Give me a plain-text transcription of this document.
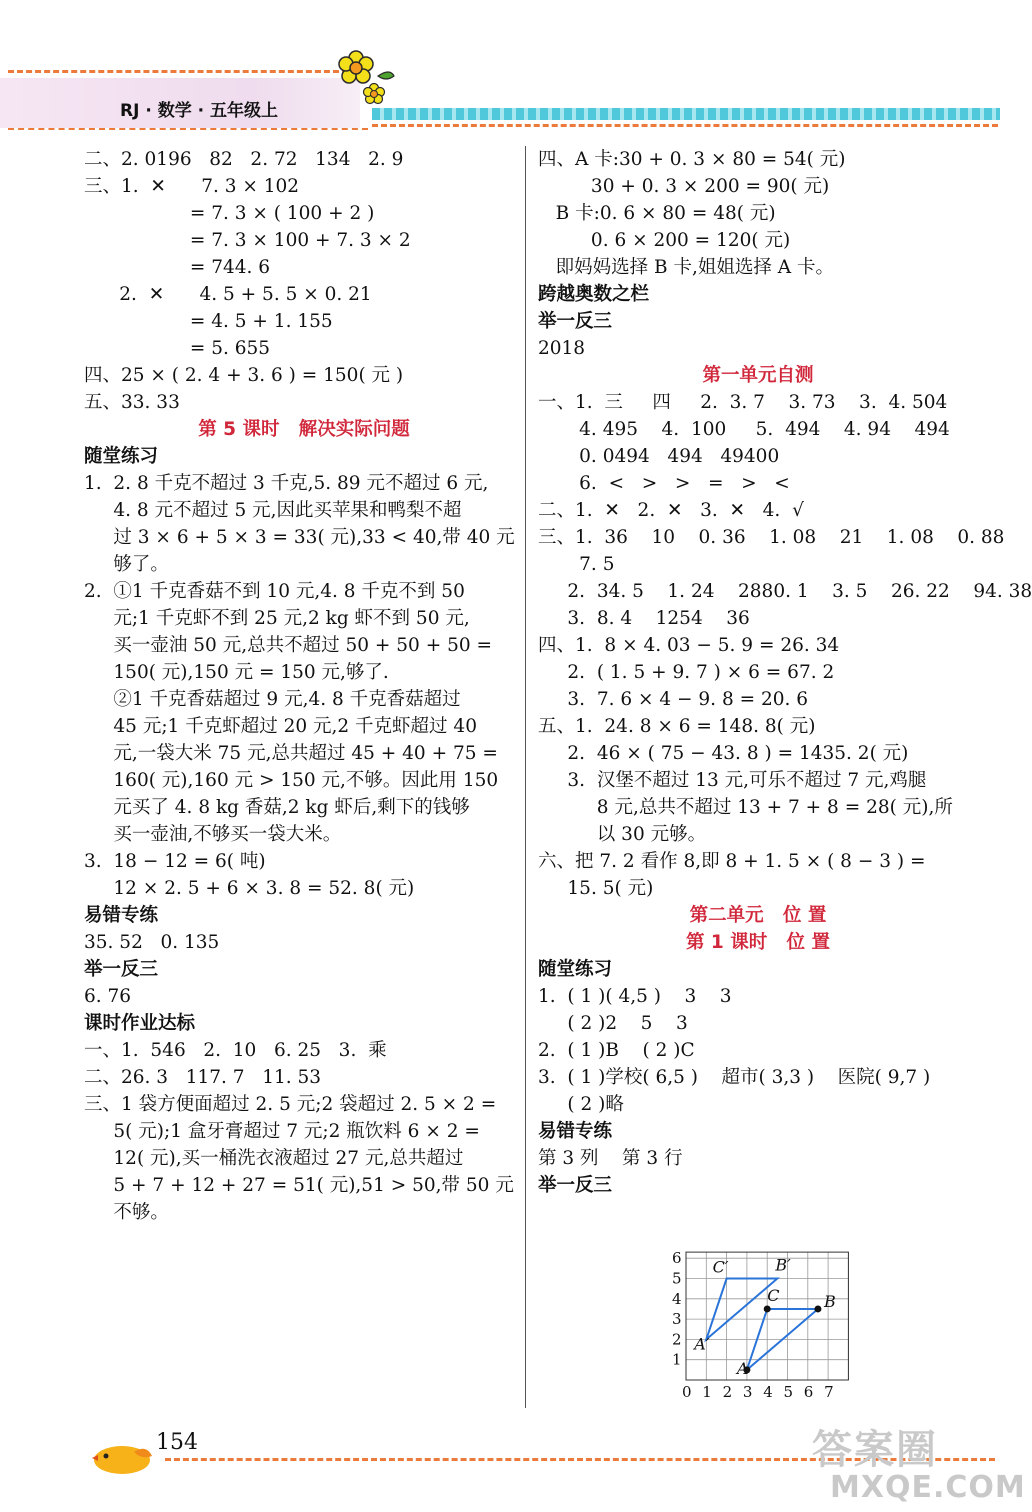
RJ · 数学 · 五年级上
二、2. 0196   82   2. 72   134   2. 9
三、1.  ✕      7. 3 × 102
= 7. 3 × ( 100 + 2 )
= 7. 3 × 100 + 7. 3 × 2
= 744. 6
2.  ✕      4. 5 + 5. 5 × 0. 21
= 4. 5 + 1. 155
= 5. 655
四、25 × ( 2. 4 + 3. 6 ) = 150( 元 )
五、33. 33
第 5 课时   解决实际问题
随堂练习
1.  2. 8 千克不超过 3 千克,5. 89 元不超过 6 元,
4. 8 元不超过 5 元,因此买苹果和鸭梨不超
过 3 × 6 + 5 × 3 = 33( 元),33 < 40,带 40 元
够了。
2.  ①1 千克香菇不到 10 元,4. 8 千克不到 50
元;1 千克虾不到 25 元,2 kg 虾不到 50 元,
买一壶油 50 元,总共不超过 50 + 50 + 50 =
150( 元),150 元 = 150 元,够了.
②1 千克香菇超过 9 元,4. 8 千克香菇超过
45 元;1 千克虾超过 20 元,2 千克虾超过 40
元,一袋大米 75 元,总共超过 45 + 40 + 75 =
160( 元),160 元 > 150 元,不够。因此用 150
元买了 4. 8 kg 香菇,2 kg 虾后,剩下的钱够
买一壶油,不够买一袋大米。
3.  18 − 12 = 6( 吨)
12 × 2. 5 + 6 × 3. 8 = 52. 8( 元)
易错专练
35. 52   0. 135
举一反三
6. 76
课时作业达标
一、1.  546   2.  10   6. 25   3.  乘
二、26. 3   117. 7   11. 53
三、1 袋方便面超过 2. 5 元;2 袋超过 2. 5 × 2 =
5( 元);1 盒牙膏超过 7 元;2 瓶饮料 6 × 2 =
12( 元),买一桶洗衣液超过 27 元,总共超过
5 + 7 + 12 + 27 = 51( 元),51 > 50,带 50 元
不够。
四、A 卡:30 + 0. 3 × 80 = 54( 元)
30 + 0. 3 × 200 = 90( 元)
B 卡:0. 6 × 80 = 48( 元)
0. 6 × 200 = 120( 元)
即妈妈选择 B 卡,姐姐选择 A 卡。
跨越奥数之栏
举一反三
2018
第一单元自测
一、1.  三     四     2.  3. 7    3. 73    3.  4. 504
4. 495    4.  100     5.  494    4. 94    494
0. 0494   494   49400
6.  <   >   >   =   >   <
二、1.  ✕   2.  ✕   3.  ✕   4.  √
三、1.  36    10    0. 36    1. 08    21    1. 08    0. 88
7. 5
2.  34. 5    1. 24    2880. 1    3. 5    26. 22    94. 38
3.  8. 4    1254    36
四、1.  8 × 4. 03 − 5. 9 = 26. 34
2.  ( 1. 5 + 9. 7 ) × 6 = 67. 2
3.  7. 6 × 4 − 9. 8 = 20. 6
五、1.  24. 8 × 6 = 148. 8( 元)
2.  46 × ( 75 − 43. 8 ) = 1435. 2( 元)
3.  汉堡不超过 13 元,可乐不超过 7 元,鸡腿
8 元,总共不超过 13 + 7 + 8 = 28( 元),所
以 30 元够。
六、把 7. 2 看作 8,即 8 + 1. 5 × ( 8 − 3 ) =
15. 5( 元)
第二单元   位 置
第 1 课时   位 置
随堂练习
1.  ( 1 )( 4,5 )    3    3
( 2 )2    5    3
2.  ( 1 )B    ( 2 )C
3.  ( 1 )学校( 6,5 )    超市( 3,3 )    医院( 9,7 )
( 2 )略
易错专练
第 3 列    第 3 行
举一反三
0 1 2 3 4 5 6 7
1
2
3
4
5
6
A
B
C
A′
B′
C′
154	答案圈
MXQE.COM
